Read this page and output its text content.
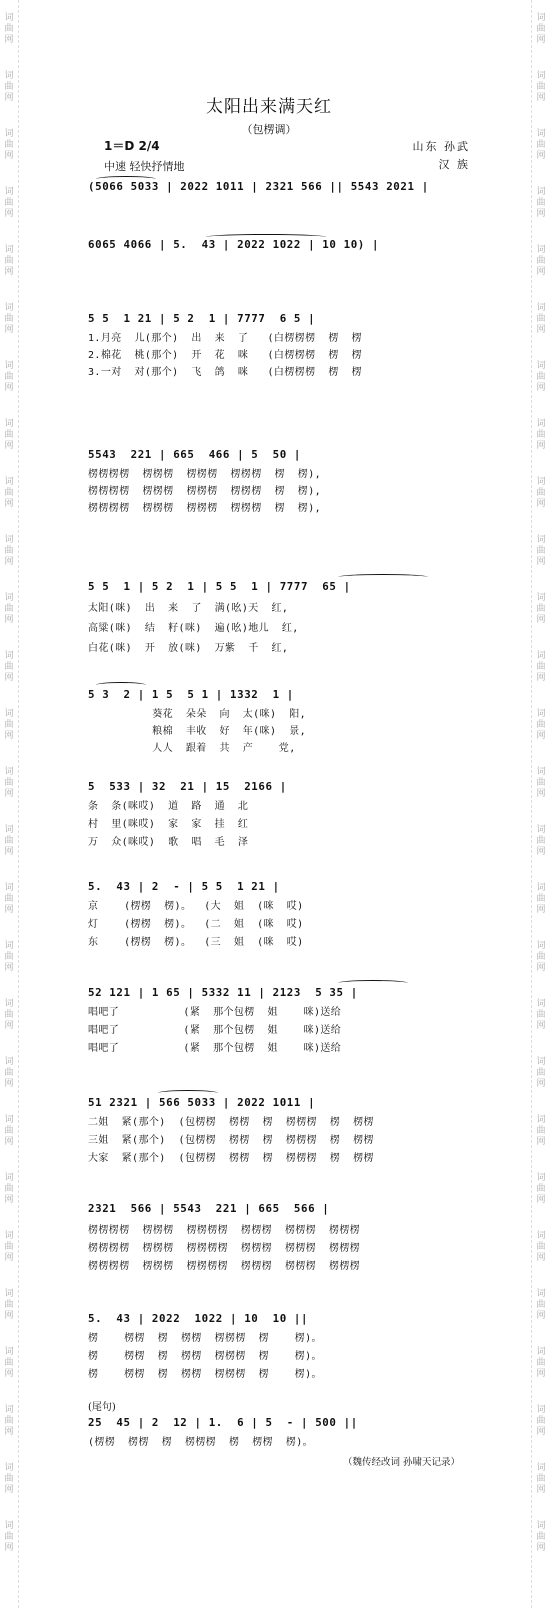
词
曲
网
词
曲
网
词
曲
网
词
曲
网
词
曲
网
词
曲
网
词
曲
网
词
曲
网
词
曲
网
词
曲
网
词
曲
网
词
曲
网
词
曲
网
词
曲
网
词
曲
网
词
曲
网
词
曲
网
词
曲
网
词
曲
网
词
曲
网
词
曲
网
词
曲
网
词
曲
网
词
曲
网
词
曲
网
词
曲
网
词
曲
网
词
曲
网
词
曲
网
词
曲
网
词
曲
网
词
曲
网
词
曲
网
词
曲
网
词
曲
网
词
曲
网
词
曲
网
词
曲
网
词
曲
网
词
曲
网
词
曲
网
词
曲
网
词
曲
网
词
曲
网
词
曲
网
词
曲
网
词
曲
网
词
曲
网
词
曲
网
词
曲
网
词
曲
网
词
曲
网
词
曲
网
词
曲
网
太阳出来满天红
（包楞调）
1＝D 2/4
中速 轻快抒情地
山东 孙武
汉 族
(5066 5033 | 2022 1011 | 2321 566 || 5543 2021 |
6065 4066 | 5.  43 | 2022 1022 | 10 10) |
5 5  1 21 | 5 2  1 | 7777  6 5 |
1.月亮  儿(那个)  出  来  了   (白楞楞楞  楞  楞
2.棉花  桃(那个)  开  花  咪   (白楞楞楞  楞  楞
3.一对  对(那个)  飞  鸽  咪   (白楞楞楞  楞  楞
5543  221 | 665  466 | 5  50 |
楞楞楞楞  楞楞楞  楞楞楞  楞楞楞  楞  楞),
楞楞楞楞  楞楞楞  楞楞楞  楞楞楞  楞  楞),
楞楞楞楞  楞楞楞  楞楞楞  楞楞楞  楞  楞),
5 5  1 | 5 2  1 | 5 5  1 | 7777  65 |
太阳(咪)  出  来  了  满(吆)天  红,
高粱(咪)  结  籽(咪)  遍(吆)地儿  红,
白花(咪)  开  放(咪)  万紫  千  红,
5 3  2 | 1 5  5 1 | 1332  1 |
葵花  朵朵  向  太(咪)  阳,
粮棉  丰收  好  年(咪)  景,
人人  跟着  共  产    党,
5  533 | 32  21 | 15  2166 |
条  条(咪哎)  道  路  通  北
村  里(咪哎)  家  家  挂  红
万  众(咪哎)  歌  唱  毛  泽
5.  43 | 2  - | 5 5  1 21 |
京    (楞楞  楞)。  (大  姐  (咪  哎)
灯    (楞楞  楞)。  (二  姐  (咪  哎)
东    (楞楞  楞)。  (三  姐  (咪  哎)
52 121 | 1 65 | 5332 11 | 2123  5 35 |
唱吧了          (紧  那个包楞  姐    咪)送给
唱吧了          (紧  那个包楞  姐    咪)送给
唱吧了          (紧  那个包楞  姐    咪)送给
51 2321 | 566 5033 | 2022 1011 |
二姐  紧(那个)  (包楞楞  楞楞  楞  楞楞楞  楞  楞楞
三姐  紧(那个)  (包楞楞  楞楞  楞  楞楞楞  楞  楞楞
大家  紧(那个)  (包楞楞  楞楞  楞  楞楞楞  楞  楞楞
2321  566 | 5543  221 | 665  566 |
楞楞楞楞  楞楞楞  楞楞楞楞  楞楞楞  楞楞楞  楞楞楞
楞楞楞楞  楞楞楞  楞楞楞楞  楞楞楞  楞楞楞  楞楞楞
楞楞楞楞  楞楞楞  楞楞楞楞  楞楞楞  楞楞楞  楞楞楞
5.  43 | 2022  1022 | 10  10 ||
楞    楞楞  楞  楞楞  楞楞楞  楞    楞)。
楞    楞楞  楞  楞楞  楞楞楞  楞    楞)。
楞    楞楞  楞  楞楞  楞楞楞  楞    楞)。
(尾句)
25  45 | 2  12 | 1.  6 | 5  - | 500 ||
(楞楞  楞楞  楞  楞楞楞  楞  楞楞  楞)。
（魏传经改词 孙啸天记录）
